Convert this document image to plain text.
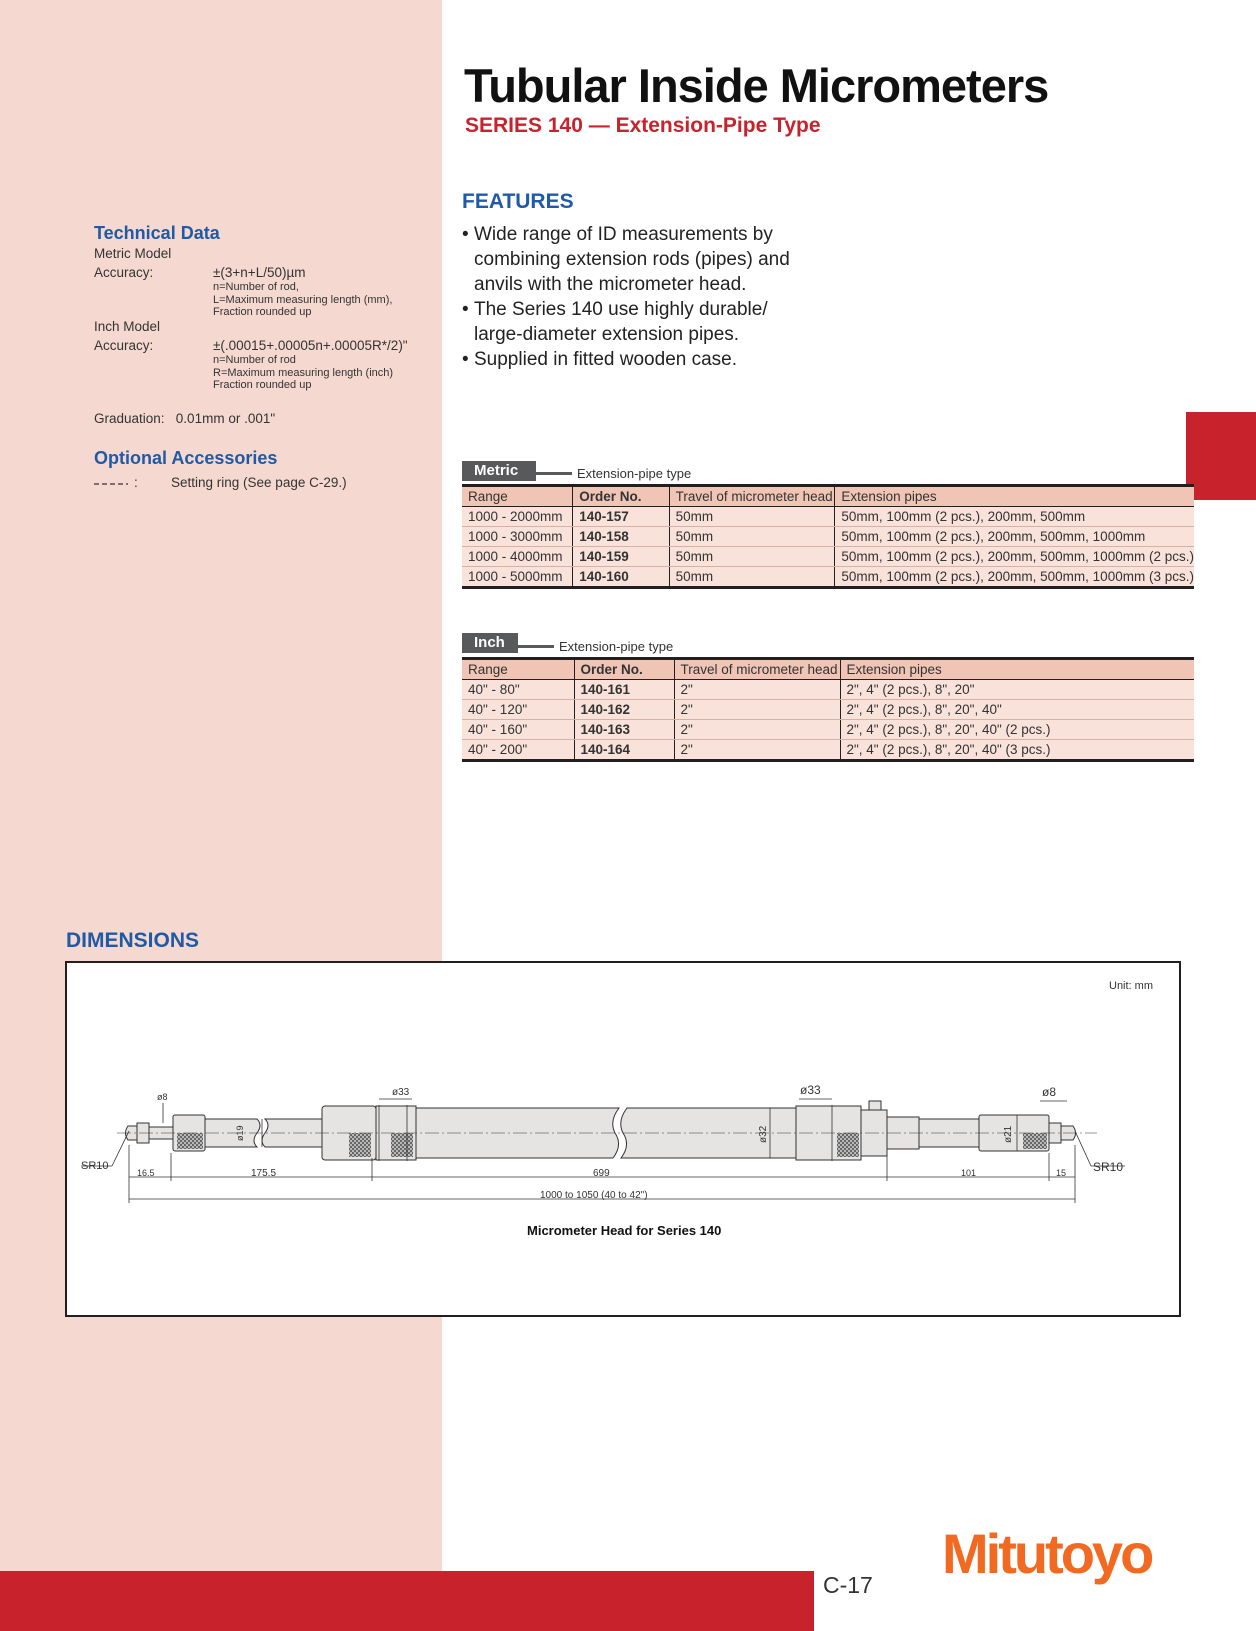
Tubular Inside Micrometers
SERIES 140 — Extension-Pipe Type
FEATURES
• Wide range of ID measurements by combining extension rods (pipes) and anvils with the micrometer head.
• The Series 140 use highly durable/ large-diameter extension pipes.
• Supplied in fitted wooden case.
Technical Data
Metric Model
Accuracy:	±(3+n+L/50)µm
n=Number of rod,
L=Maximum measuring length (mm),
Fraction rounded up
Inch Model
Accuracy:	±(.00015+.00005n+.00005R*/2)"
n=Number of rod
R=Maximum measuring length (inch)
Fraction rounded up
Graduation:   0.01mm or .001"
Optional Accessories
: Setting ring (See page C-29.)
Metric	Extension-pipe type
Range	Order No.	Travel of micrometer head	Extension pipes
1000 - 2000mm	140-157	50mm	50mm, 100mm (2 pcs.), 200mm, 500mm
1000 - 3000mm	140-158	50mm	50mm, 100mm (2 pcs.), 200mm, 500mm, 1000mm
1000 - 4000mm	140-159	50mm	50mm, 100mm (2 pcs.), 200mm, 500mm, 1000mm (2 pcs.)
1000 - 5000mm	140-160	50mm	50mm, 100mm (2 pcs.), 200mm, 500mm, 1000mm (3 pcs.)
Inch	Extension-pipe type
Range	Order No.	Travel of micrometer head	Extension pipes
40" - 80"	140-161	2"	2", 4" (2 pcs.), 8", 20"
40" - 120"	140-162	2"	2", 4" (2 pcs.), 8", 20", 40"
40" - 160"	140-163	2"	2", 4" (2 pcs.), 8", 20", 40" (2 pcs.)
40" - 200"	140-164	2"	2", 4" (2 pcs.), 8", 20", 40" (3 pcs.)
DIMENSIONS
Unit: mm
ø8	ø33	ø33	ø8
ø19	ø32	ø21
SR10	SR10
16.5	175.5	699	101	15
1000 to 1050 (40 to 42")
Micrometer Head for Series 140
C-17 Mitutoyo
